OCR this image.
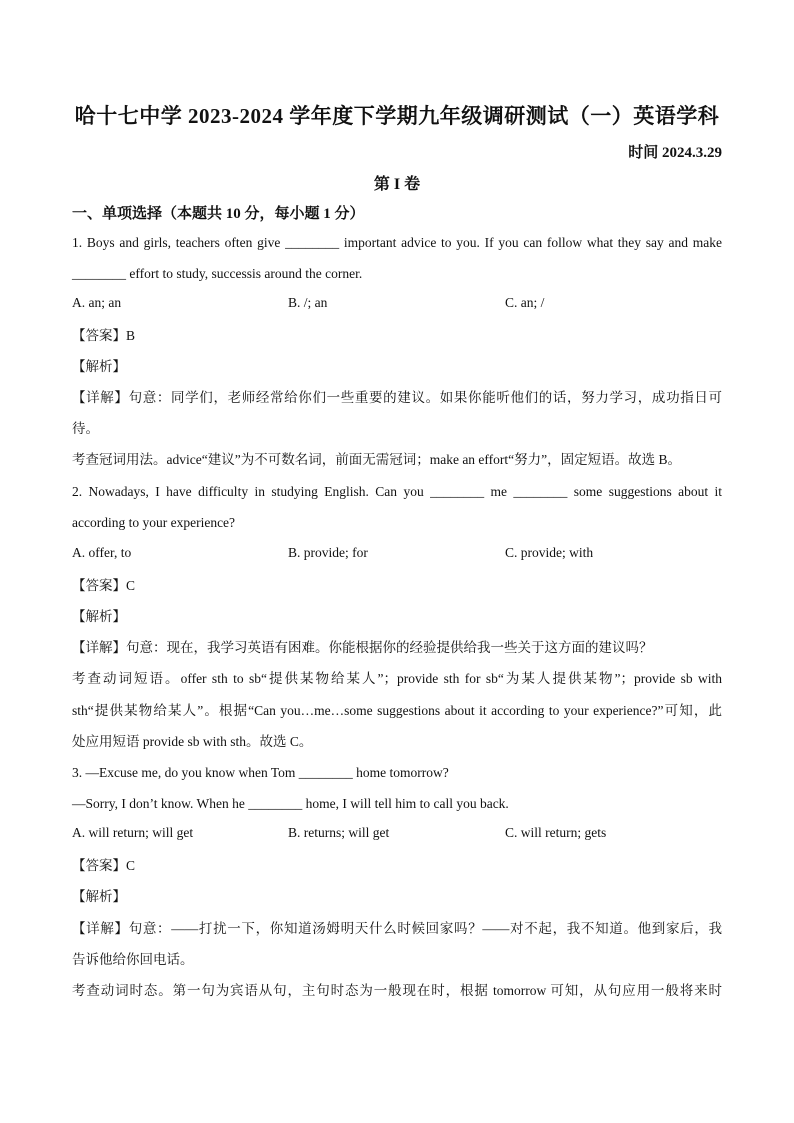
哈十七中学 2023-2024 学年度下学期九年级调研测试（一）英语学科
时间 2024.3.29
第 I 卷
一、单项选择（本题共 10 分，每小题 1 分）
1. Boys and girls, teachers often give ________ important advice to you. If you can follow what they say and make
________ effort to study, successis around the corner.
A. an; an	B. /; an	C. an; /
【答案】B
【解析】
【详解】句意：同学们，老师经常给你们一些重要的建议。如果你能听他们的话，努力学习，成功指日可
待。
考查冠词用法。advice“建议”为不可数名词，前面无需冠词；make an effort“努力”，固定短语。故选 B。
2. Nowadays, I have difficulty in studying English. Can you ________ me ________ some suggestions about it
according to your experience?
A. offer, to	B. provide; for	C. provide; with
【答案】C
【解析】
【详解】句意：现在，我学习英语有困难。你能根据你的经验提供给我一些关于这方面的建议吗？
考查动词短语。offer sth to sb“提供某物给某人”；provide sth for sb“为某人提供某物”；provide sb with
sth“提供某物给某人”。根据“Can you…me…some suggestions about it according to your experience?”可知，此
处应用短语 provide sb with sth。故选 C。
3. —Excuse me, do you know when Tom ________ home tomorrow?
—Sorry, I don’t know. When he ________ home, I will tell him to call you back.
A. will return; will get	B. returns; will get	C. will return; gets
【答案】C
【解析】
【详解】句意：——打扰一下，你知道汤姆明天什么时候回家吗？——对不起，我不知道。他到家后，我
告诉他给你回电话。
考查动词时态。第一句为宾语从句，主句时态为一般现在时，根据 tomorrow 可知，从句应用一般将来时
